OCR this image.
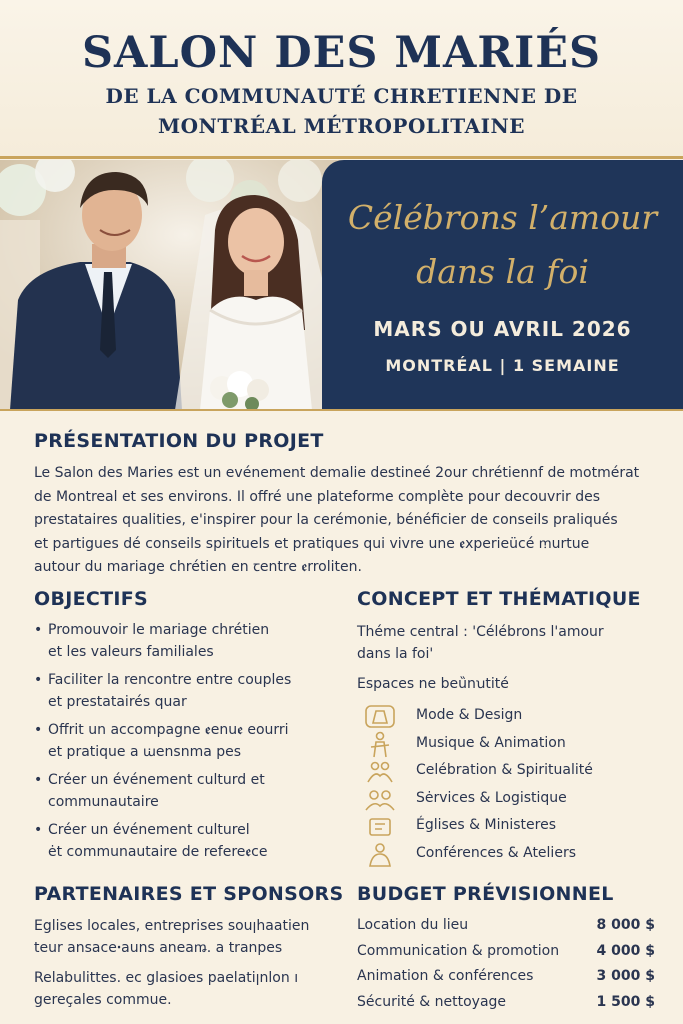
SALON DES MARIÉS
DE LA COMMUNAUTÉ CHRETIENNE DE
MONTRÉAL MÉTROPOLITAINE
Célébrons l’amour
dans la foi
MARS OU AVRIL 2026
MONTRÉAL | 1 SEMAINE
PRÉSENTATION DU PROJET
Le Salon des Maries est un evénement demalie destineé 2our chrétiennf de motmérat
de Montreal et ses environs. Il offré une plateforme complète pour decouvrir des
prestataires qualities, e'inspirer pour la cerémonie, bénéficier de conseils praliqués
et partigues dé conseils spirituels et pratiques qui vivre une ꬲxperieücé ꭑurtue
autour du mariage chrétien en ꞇentre ꬲrroliten.
OBJECTIFS
• Promouvoir le mariage chrétien
et les valeurs familiales
• Faciliter la rencontre entre couples
et prestatairés quar
• Offrit un accompagne ꬲenuꬲ eourri
et pratique a ꭐensnma pes
• Créer un événement culturd et
communautaire
• Créer un événement culturel
ėt communautaire de refereꬲce
CONCEPT ET THÉMATIQUE
Théme central : 'Célébrons l'amour
dans la foi'
Espaces ne beȕnꭒtité
Mode & Design
Musique & Animation
Celébration & Spiritualité
Sėrvices & Logistique
Églises & Ministeres
Conférences & Ateliers
PARTENAIRES ET SPONSORS
Eglises locales, entreprises souꞁhaatien
teur ansaceꞏauns aneaꬺ. a tranpes
Relabulittes. ec glasioes paelatiꞁnlon ı
gereçales commue.
BUDGET PRÉVISIONNEL
Location du lieu	8 000 $
Communication & promotion	4 000 $
Animation & conférences	3 000 $
Sécurité & nettoyage	1 500 $
